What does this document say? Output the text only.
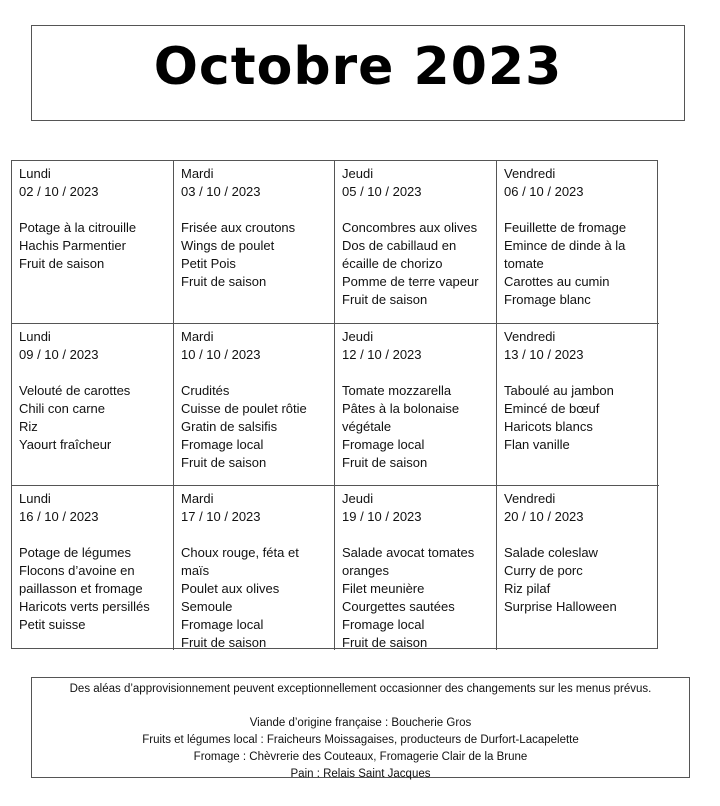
Octobre 2023
Lundi
02 / 10 / 2023
Potage à la citrouille
Hachis Parmentier
Fruit de saison
Mardi
03 / 10 / 2023
Frisée aux croutons
Wings de poulet
Petit Pois
Fruit de saison
Jeudi
05 / 10 / 2023
Concombres aux olives
Dos de cabillaud en
écaille de chorizo
Pomme de terre vapeur
Fruit de saison
Vendredi
06 / 10 / 2023
Feuillette de fromage
Emince de dinde à la
tomate
Carottes au cumin
Fromage blanc
Lundi
09 / 10 / 2023
Velouté de carottes
Chili con carne
Riz
Yaourt fraîcheur
Mardi
10 / 10 / 2023
Crudités
Cuisse de poulet rôtie
Gratin de salsifis
Fromage local
Fruit de saison
Jeudi
12 / 10 / 2023
Tomate mozzarella
Pâtes à la bolonaise
végétale
Fromage local
Fruit de saison
Vendredi
13 / 10 / 2023
Taboulé au jambon
Emincé de bœuf
Haricots blancs
Flan vanille
Lundi
16 / 10 / 2023
Potage de légumes
Flocons d’avoine en
paillasson et fromage
Haricots verts persillés
Petit suisse
Mardi
17 / 10 / 2023
Choux rouge, féta et
maïs
Poulet aux olives
Semoule
Fromage local
Fruit de saison
Jeudi
19 / 10 / 2023
Salade avocat tomates
oranges
Filet meunière
Courgettes sautées
Fromage local
Fruit de saison
Vendredi
20 / 10 / 2023
Salade coleslaw
Curry de porc
Riz pilaf
Surprise Halloween
Des aléas d’approvisionnement peuvent exceptionnellement occasionner des changements sur les menus prévus.
Viande d’origine française : Boucherie Gros
Fruits et légumes local : Fraicheurs Moissagaises, producteurs de Durfort-Lacapelette
Fromage : Chèvrerie des Couteaux, Fromagerie Clair de la Brune
Pain : Relais Saint Jacques
